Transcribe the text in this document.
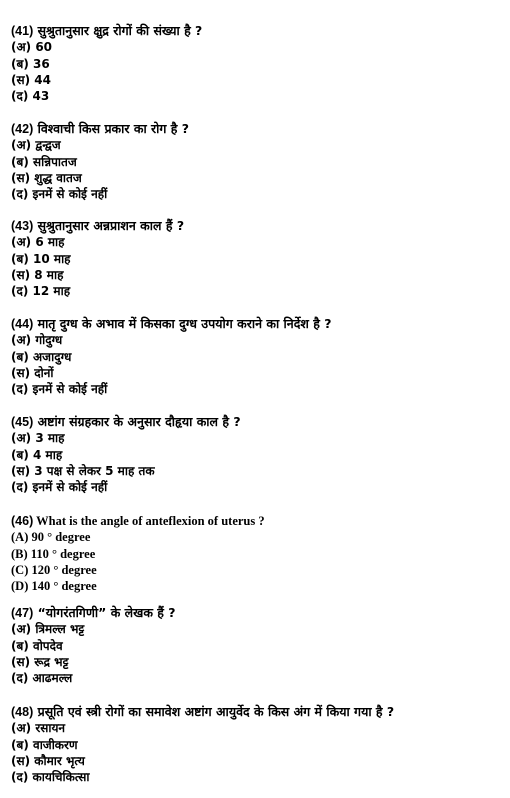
(41) सुश्रुतानुसार क्षुद्र रोगों की संख्या है ?
(अ) 60
(ब) 36
(स) 44
(द) 43
(42) विश्वाची किस प्रकार का रोग है ?
(अ) द्वन्द्वज
(ब) सन्निपातज
(स) शुद्ध वातज
(द) इनमें से कोई नहीं
(43) सुश्रुतानुसार अन्नप्राशन काल हैं ?
(अ) 6 माह
(ब) 10 माह
(स) 8 माह
(द) 12 माह
(44) मातृ दुग्ध के अभाव में किसका दुग्ध उपयोग कराने का निर्देश है ?
(अ) गोदुग्ध
(ब) अजादुग्ध
(स) दोनों
(द) इनमें से कोई नहीं
(45) अष्टांग संग्रहकार के अनुसार दौहृया काल है ?
(अ) 3 माह
(ब) 4 माह
(स) 3 पक्ष से लेकर 5 माह तक
(द) इनमें से कोई नहीं
(46) What is the angle of anteflexion of uterus ?
(A) 90 ° degree
(B) 110 ° degree
(C) 120 ° degree
(D) 140 ° degree
(47) “योगरंतगिणी” के लेखक हैं ?
(अ) त्रिमल्ल भट्ट
(ब) वोपदेव
(स) रूद्र भट्ट
(द) आढमल्ल
(48) प्रसूति एवं स्त्री रोगों का समावेश अष्टांग आयुर्वेद के किस अंग में किया गया है ?
(अ) रसायन
(ब) वाजीकरण
(स) कौमार भृत्य
(द) कायचिकित्सा
